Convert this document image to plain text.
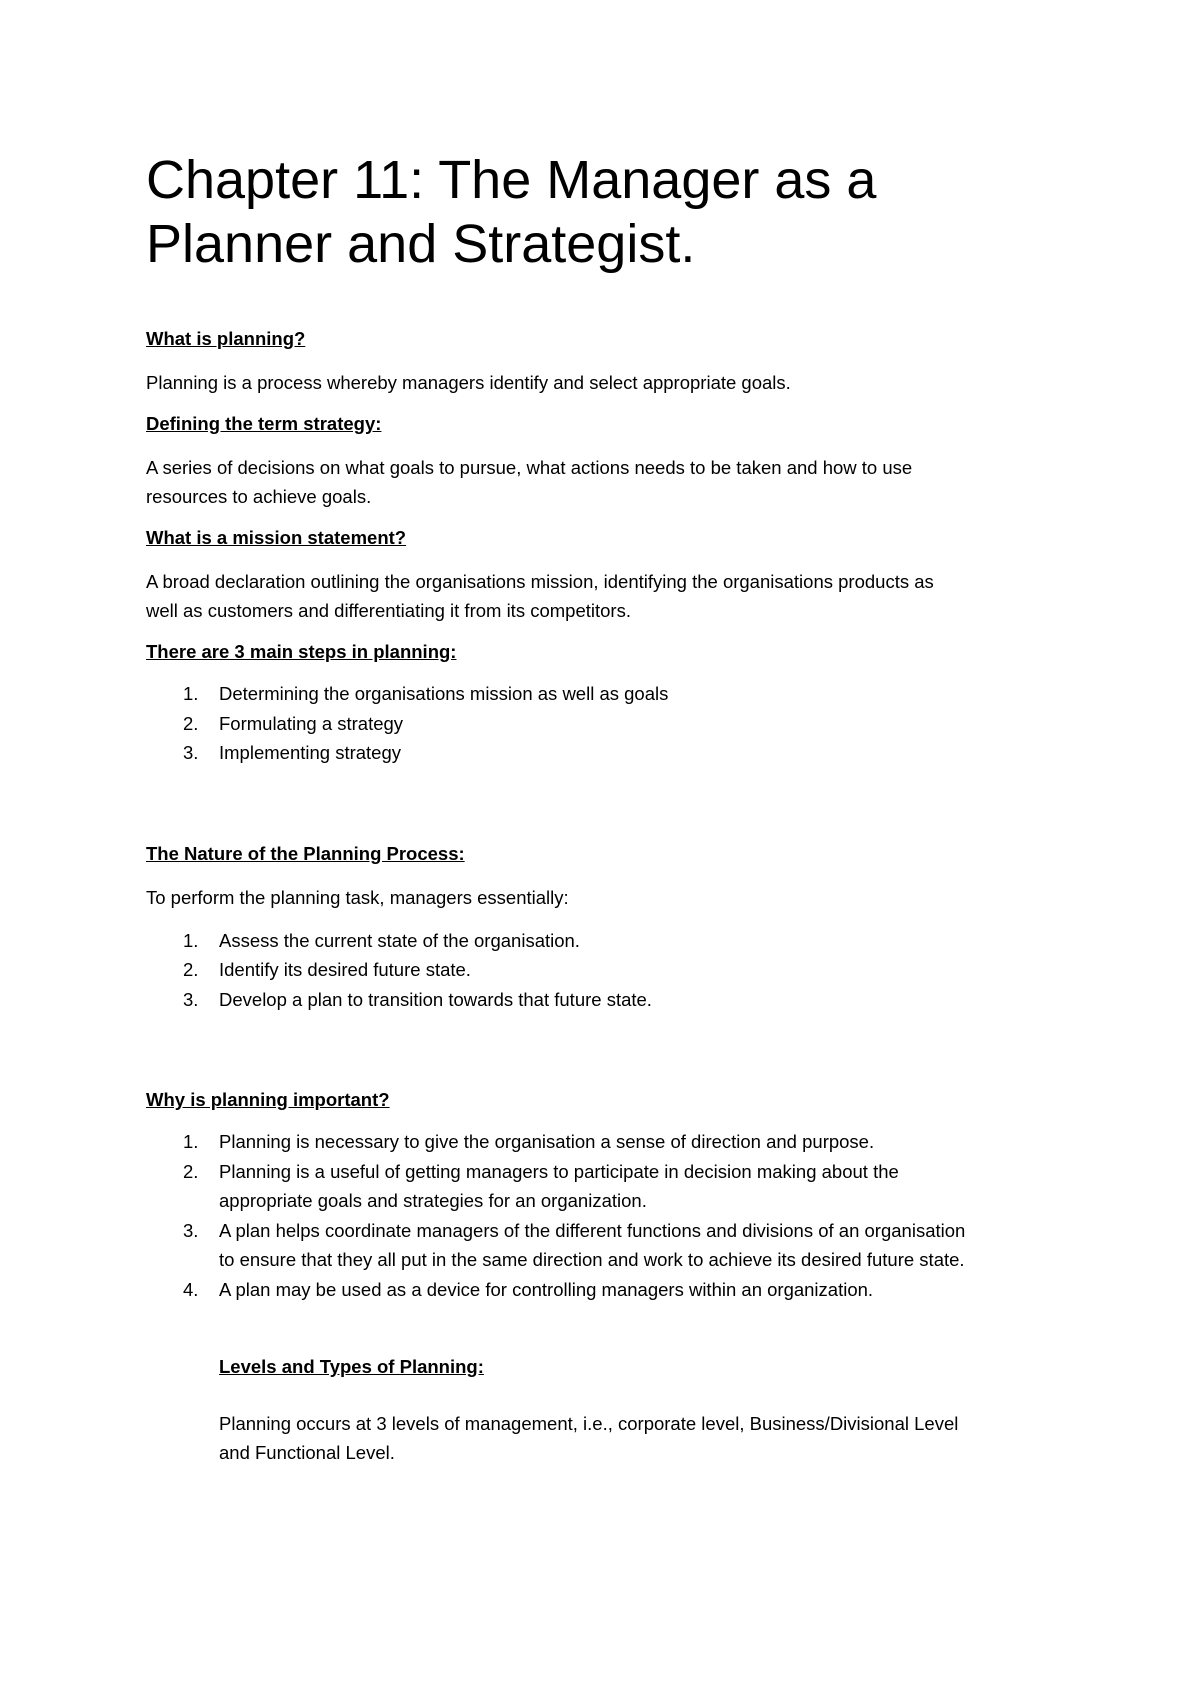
Chapter 11: The Manager as a
Planner and Strategist.

What is planning?

Planning is a process whereby managers identify and select appropriate goals.

Defining the term strategy:

A series of decisions on what goals to pursue, what actions needs to be taken and how to use
resources to achieve goals.

What is a mission statement?

A broad declaration outlining the organisations mission, identifying the organisations products as
well as customers and differentiating it from its competitors.

There are 3 main steps in planning:

1. Determining the organisations mission as well as goals
2. Formulating a strategy
3. Implementing strategy

The Nature of the Planning Process:

To perform the planning task, managers essentially:

1. Assess the current state of the organisation.
2. Identify its desired future state.
3. Develop a plan to transition towards that future state.

Why is planning important?

1. Planning is necessary to give the organisation a sense of direction and purpose.
2. Planning is a useful of getting managers to participate in decision making about the
appropriate goals and strategies for an organization.
3. A plan helps coordinate managers of the different functions and divisions of an organisation
to ensure that they all put in the same direction and work to achieve its desired future state.
4. A plan may be used as a device for controlling managers within an organization.

Levels and Types of Planning:

Planning occurs at 3 levels of management, i.e., corporate level, Business/Divisional Level
and Functional Level.
